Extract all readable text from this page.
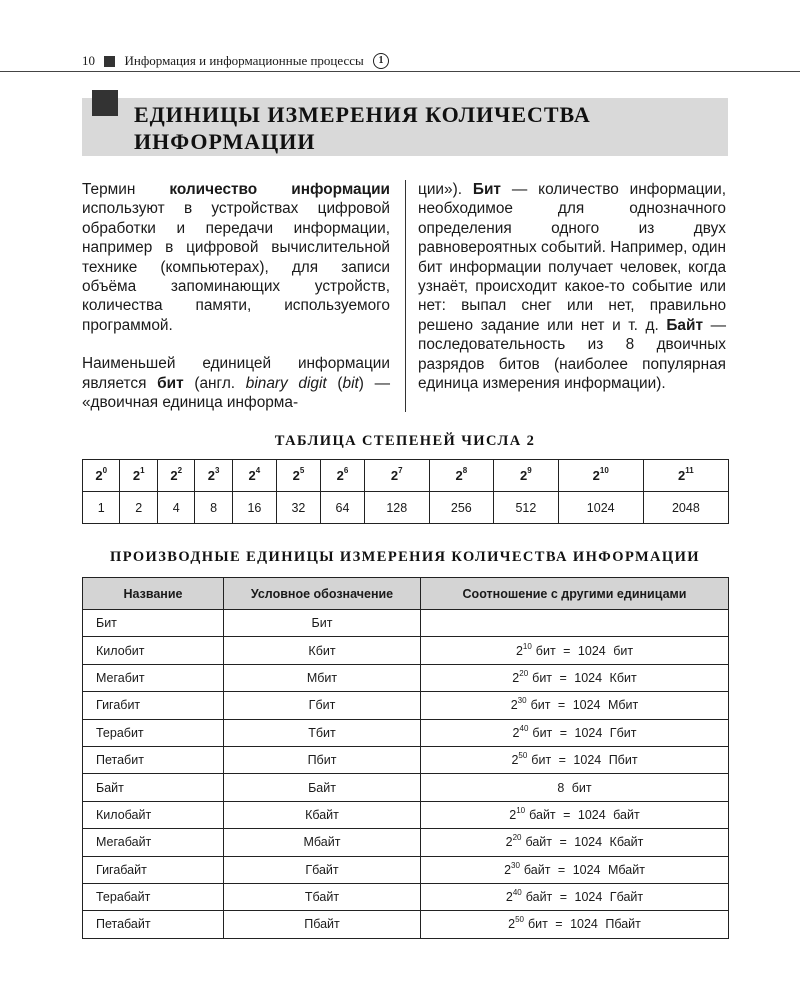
10 Информация и информационные процессы 1
ЕДИНИЦЫ ИЗМЕРЕНИЯ КОЛИЧЕСТВА
ИНФОРМАЦИИ

Термин количество информации используют в устройствах цифровой обработки и передачи информации, например в цифровой вычислительной технике (компьютерах), для записи объёма запоминающих устройств, количества памяти, используемого программой.

Наименьшей единицей информации является бит (англ. binary digit (bit) — «двоичная единица информа-

ции»). Бит — количество информации, необходимое для однозначного определения одного из двух равновероятных событий. Например, один бит информации получает человек, когда узнаёт, происходит какое-то событие или нет: выпал снег или нет, правильно решено задание или нет и т. д. Байт — последовательность из 8 двоичных разрядов битов (наиболее популярная единица измерения информации).

ТАБЛИЦА СТЕПЕНЕЙ ЧИСЛА 2
$2^0$	$2^1$	$2^2$	$2^3$	$2^4$	$2^5$	$2^6$	$2^7$	$2^8$	$2^9$	$2^{10}$	$2^{11}$
1	2	4	8	16	32	64	128	256	512	1024	2048
ПРОИЗВОДНЫЕ ЕДИНИЦЫ ИЗМЕРЕНИЯ КОЛИЧЕСТВА ИНФОРМАЦИИ
Название	Условное обозначение	Соотношение с другими единицами
Бит	Бит	
Килобит	Кбит	$2^{10}$ бит = 1024 бит
Мегабит	Мбит	$2^{20}$ бит = 1024 Кбит
Гигабит	Гбит	$2^{30}$ бит = 1024 Мбит
Терабит	Тбит	$2^{40}$ бит = 1024 Гбит
Петабит	Пбит	$2^{50}$ бит = 1024 Пбит
Байт	Байт	8 бит
Килобайт	Кбайт	$2^{10}$ байт = 1024 байт
Мегабайт	Мбайт	$2^{20}$ байт = 1024 Кбайт
Гигабайт	Гбайт	$2^{30}$ байт = 1024 Мбайт
Терабайт	Тбайт	$2^{40}$ байт = 1024 Гбайт
Петабайт	Пбайт	$2^{50}$ бит = 1024 Пбайт
